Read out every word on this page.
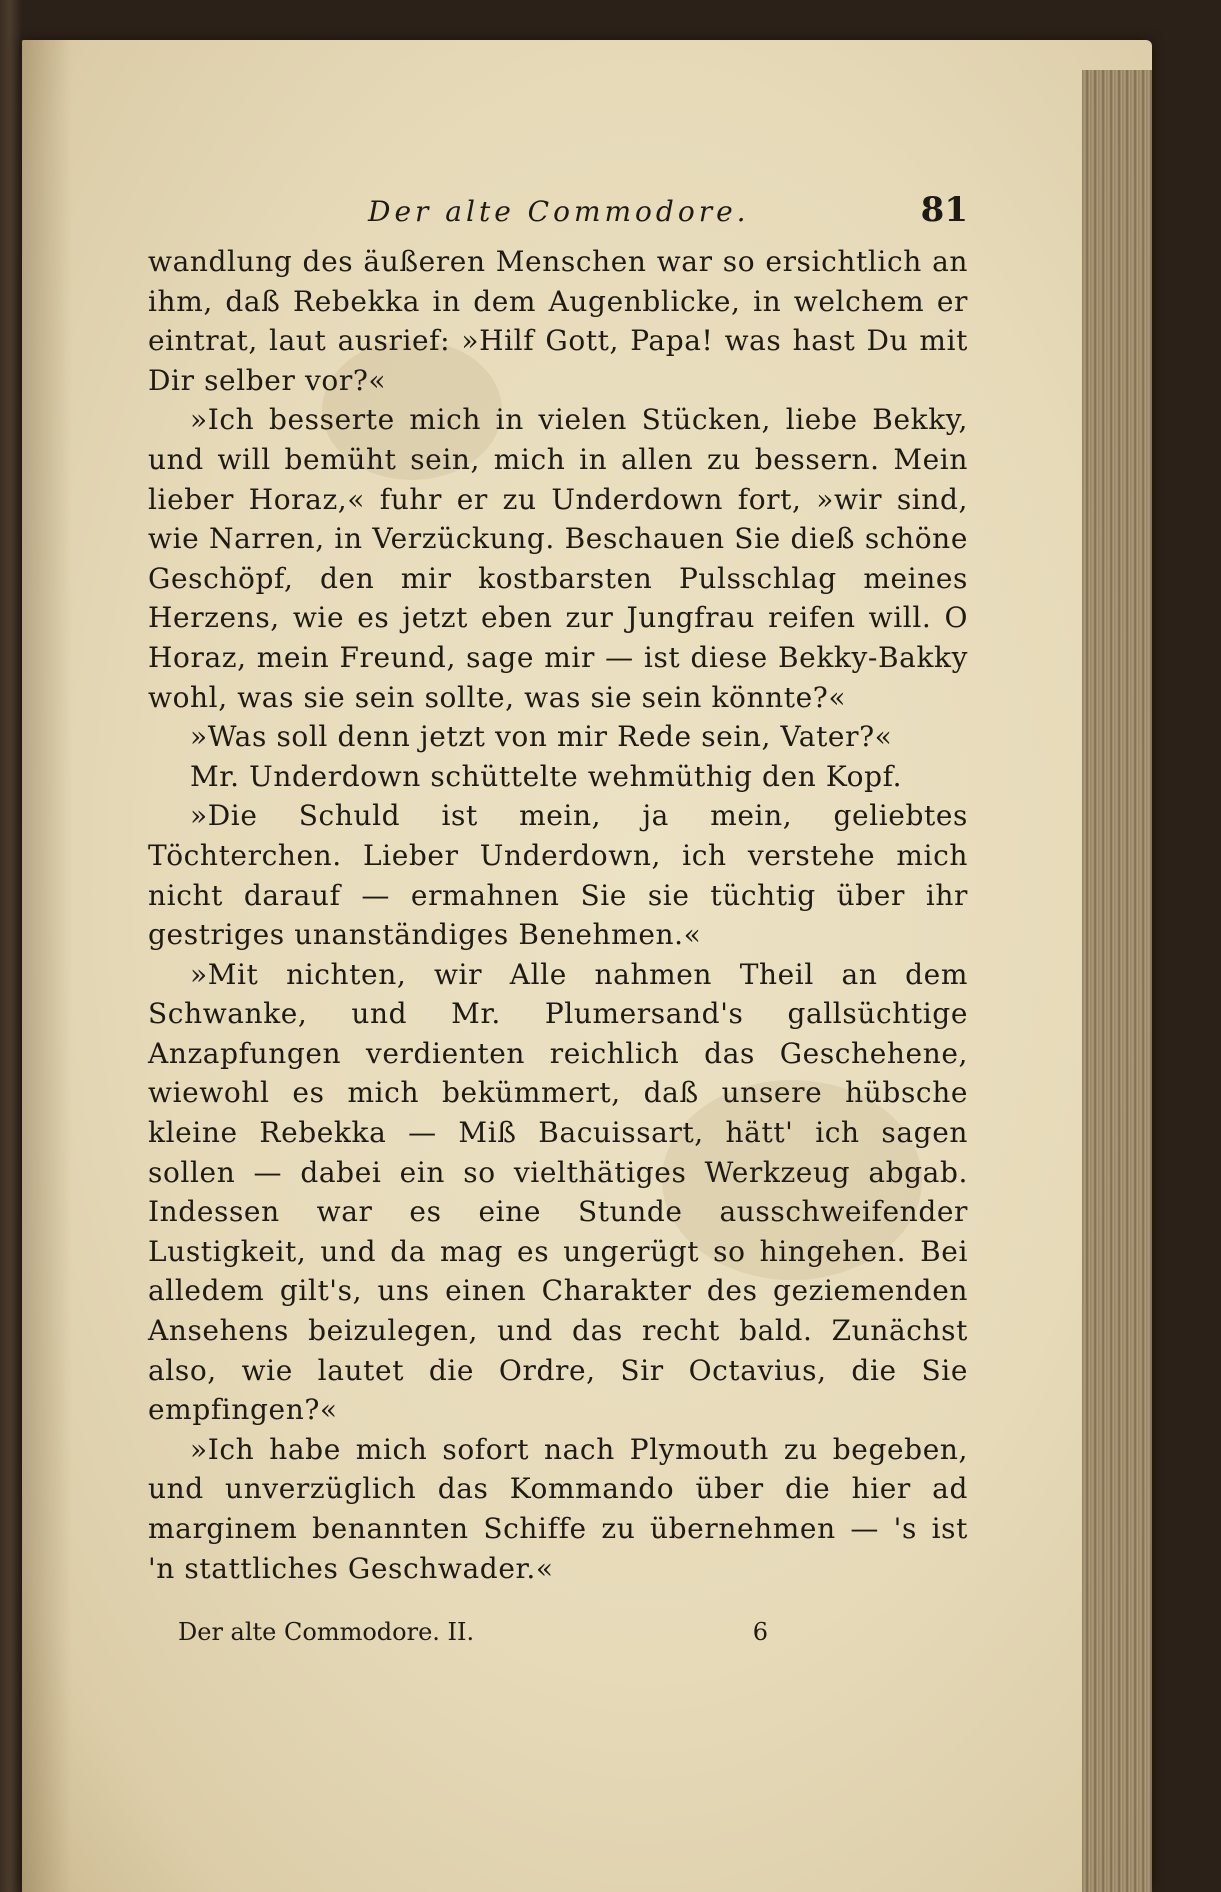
Der alte Commodore.	81

wandlung des äußeren Menschen war so ersichtlich an ihm, daß Rebekka in dem Augenblicke, in welchem er eintrat, laut ausrief: »Hilf Gott, Papa! was hast Du mit Dir selber vor?«

»Ich besserte mich in vielen Stücken, liebe Bekky, und will bemüht sein, mich in allen zu bessern. Mein lieber Horaz,« fuhr er zu Underdown fort, »wir sind, wie Narren, in Verzückung. Beschauen Sie dieß schöne Geschöpf, den mir kostbarsten Pulsschlag meines Herzens, wie es jetzt eben zur Jungfrau reifen will. O Horaz, mein Freund, sage mir — ist diese Bekky-Bakky wohl, was sie sein sollte, was sie sein könnte?«

»Was soll denn jetzt von mir Rede sein, Vater?«

Mr. Underdown schüttelte wehmüthig den Kopf.

»Die Schuld ist mein, ja mein, geliebtes Töchterchen. Lieber Underdown, ich verstehe mich nicht darauf — ermahnen Sie sie tüchtig über ihr gestriges unanständiges Benehmen.«

»Mit nichten, wir Alle nahmen Theil an dem Schwanke, und Mr. Plumersand's gallsüchtige Anzapfungen verdienten reichlich das Geschehene, wiewohl es mich bekümmert, daß unsere hübsche kleine Rebekka — Miß Bacuissart, hätt' ich sagen sollen — dabei ein so vielthätiges Werkzeug abgab. Indessen war es eine Stunde ausschweifender Lustigkeit, und da mag es ungerügt so hingehen. Bei alledem gilt's, uns einen Charakter des geziemenden Ansehens beizulegen, und das recht bald. Zunächst also, wie lautet die Ordre, Sir Octavius, die Sie empfingen?«

»Ich habe mich sofort nach Plymouth zu begeben, und unverzüglich das Kommando über die hier ad marginem benannten Schiffe zu übernehmen — 's ist 'n stattliches Geschwader.«

Der alte Commodore. II.	6
